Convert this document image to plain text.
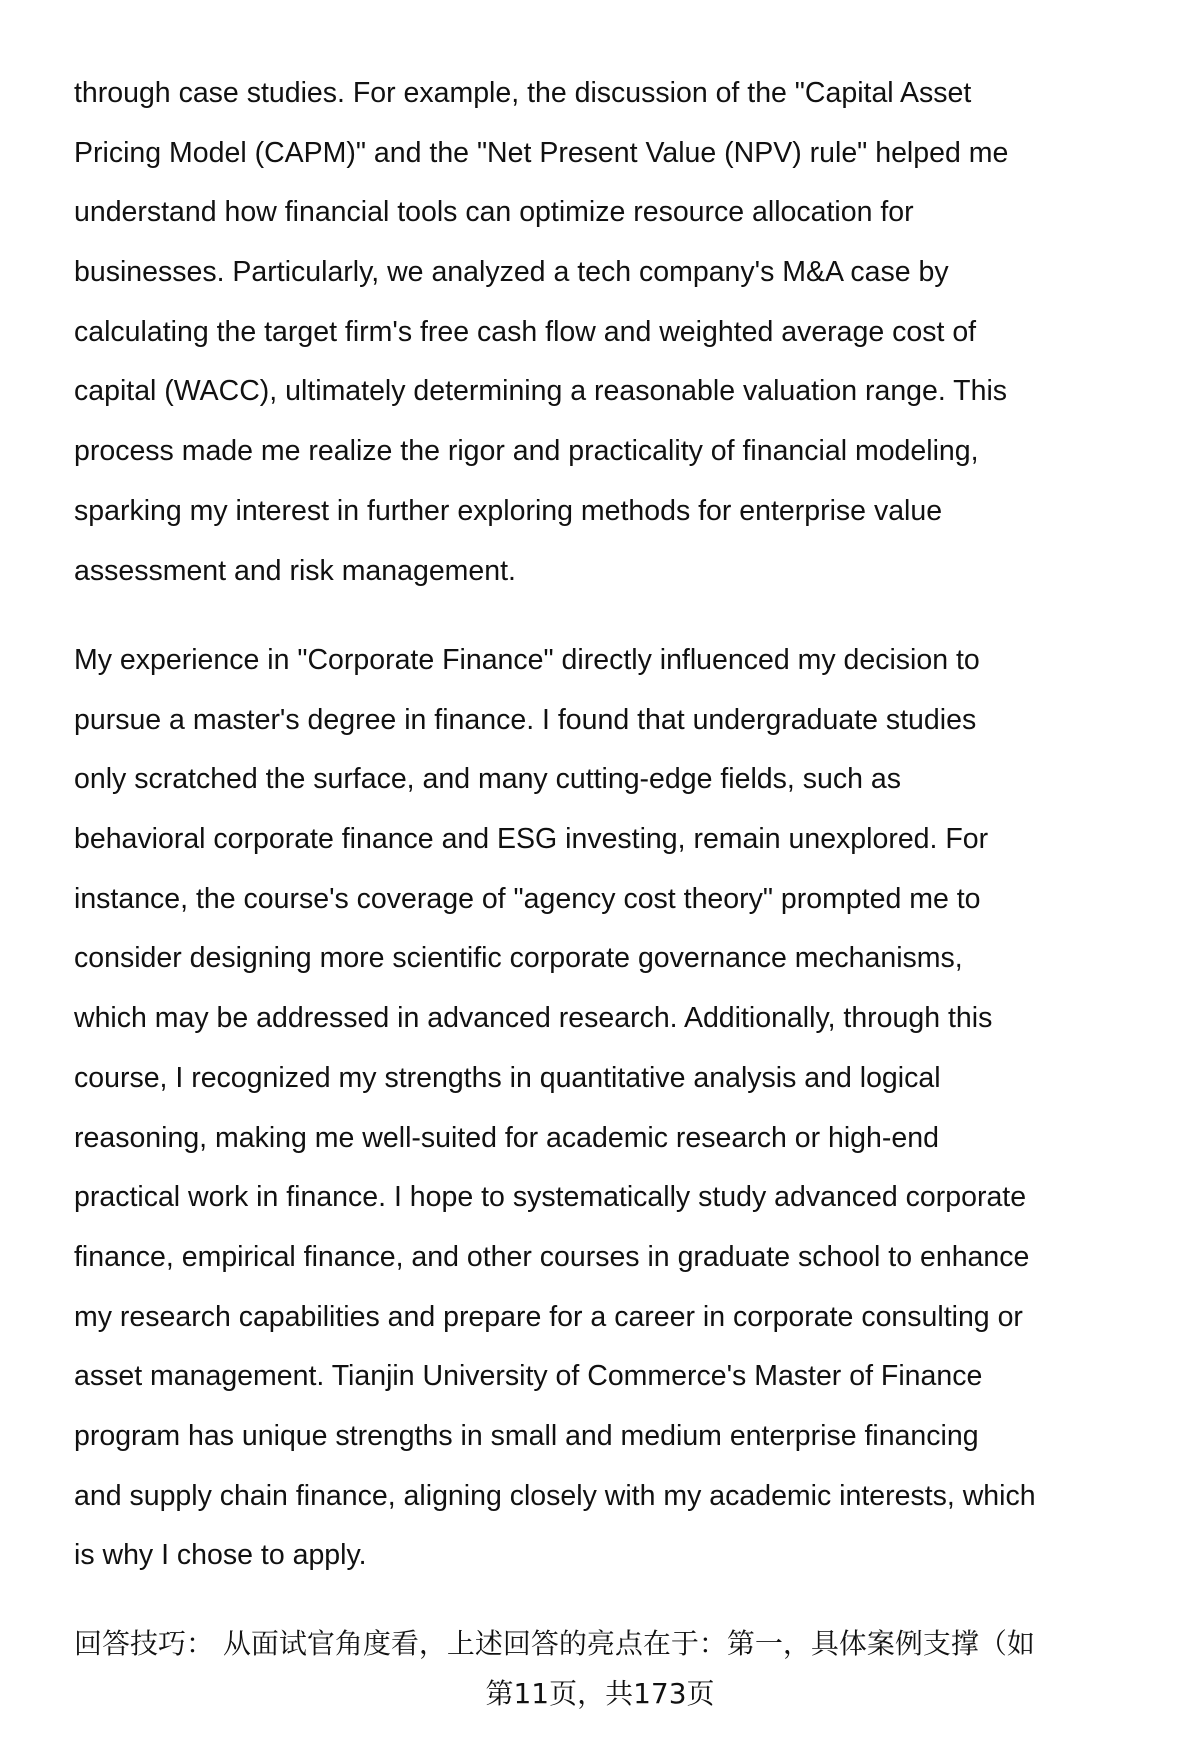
through case studies. For example, the discussion of the "Capital Asset
Pricing Model (CAPM)" and the "Net Present Value (NPV) rule" helped me
understand how financial tools can optimize resource allocation for
businesses. Particularly, we analyzed a tech company's M&A case by
calculating the target firm's free cash flow and weighted average cost of
capital (WACC), ultimately determining a reasonable valuation range. This
process made me realize the rigor and practicality of financial modeling,
sparking my interest in further exploring methods for enterprise value
assessment and risk management.
My experience in "Corporate Finance" directly influenced my decision to
pursue a master's degree in finance. I found that undergraduate studies
only scratched the surface, and many cutting-edge fields, such as
behavioral corporate finance and ESG investing, remain unexplored. For
instance, the course's coverage of "agency cost theory" prompted me to
consider designing more scientific corporate governance mechanisms,
which may be addressed in advanced research. Additionally, through this
course, I recognized my strengths in quantitative analysis and logical
reasoning, making me well-suited for academic research or high-end
practical work in finance. I hope to systematically study advanced corporate
finance, empirical finance, and other courses in graduate school to enhance
my research capabilities and prepare for a career in corporate consulting or
asset management. Tianjin University of Commerce's Master of Finance
program has unique strengths in small and medium enterprise financing
and supply chain finance, aligning closely with my academic interests, which
is why I chose to apply.
回答技巧： 从面试官角度看，上述回答的亮点在于：第一，具体案例支撑（如
第11页，共173页
